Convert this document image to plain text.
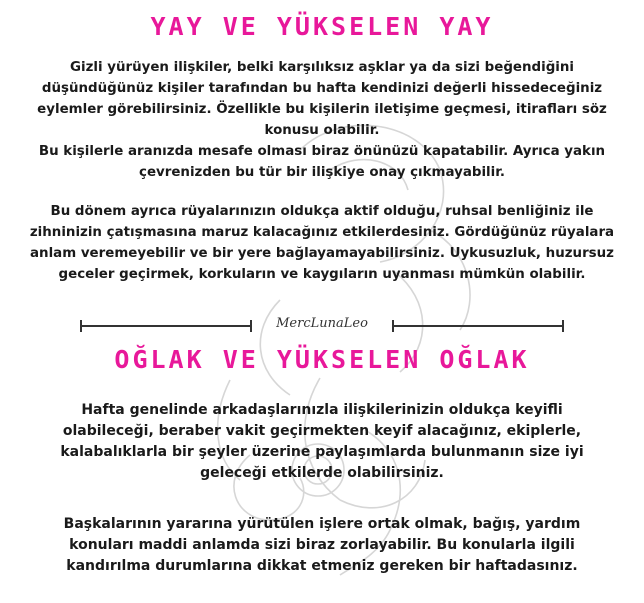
YAY VE YÜKSELEN YAY

Gizli yürüyen ilişkiler, belki karşılıksız aşklar ya da sizi beğendiğini
düşündüğünüz kişiler tarafından bu hafta kendinizi değerli hissedeceğiniz
eylemler görebilirsiniz. Özellikle bu kişilerin iletişime geçmesi, itirafları söz
konusu olabilir.
Bu kişilerle aranızda mesafe olması biraz önünüzü kapatabilir. Ayrıca yakın
çevrenizden bu tür bir ilişkiye onay çıkmayabilir.

Bu dönem ayrıca rüyalarınızın oldukça aktif olduğu, ruhsal benliğiniz ile
zihninizin çatışmasına maruz kalacağınız etkilerdesiniz. Gördüğünüz rüyalara
anlam veremeyebilir ve bir yere bağlayamayabilirsiniz. Uykusuzluk, huzursuz
geceler geçirmek, korkuların ve kaygıların uyanması mümkün olabilir.

MercLunaLeo
OĞLAK VE YÜKSELEN OĞLAK

Hafta genelinde arkadaşlarınızla ilişkilerinizin oldukça keyifli
olabileceği, beraber vakit geçirmekten keyif alacağınız, ekiplerle,
kalabalıklarla bir şeyler üzerine paylaşımlarda bulunmanın size iyi
geleceği etkilerde olabilirsiniz.

Başkalarının yararına yürütülen işlere ortak olmak, bağış, yardım
konuları maddi anlamda sizi biraz zorlayabilir. Bu konularla ilgili
kandırılma durumlarına dikkat etmeniz gereken bir haftadasınız.
